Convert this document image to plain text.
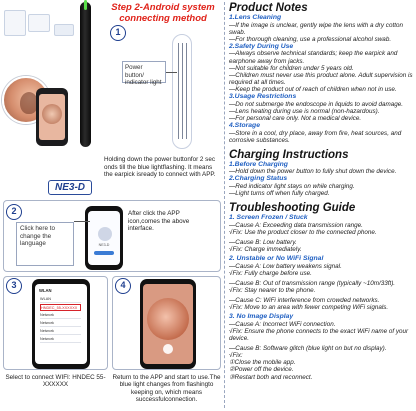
Step 2-Android system connecting method
1
Power button/ indicator light
Holding down the power buttonfor 2 sec onds till the blue lightflashing. It means the earpick isready to connect with APP.
NE3-D
2
NE3-D
Click here to change the language
After click the APP icon,comes the above interface.
3
WLAN
WLAN
HNDEC_55-XXXXXX
Network
Network
Network
Network
Select to connect WIFI: HNDEC 55-XXXXXX
4
Return to the APP and start to use.The blue light changes from flashingto keeping on, which means successfulconnection.
Product Notes
1.Lens Cleaning
—If the image is unclear, gently wipe the lens with a dry cotton swab.
—For thorough cleaning, use a professional alcohol swab.
2.Safety During Use
—Always observe technical standards; keep the earpick and earphone away from jacks.
—Not suitable for children under 5 years old.
—Children must never use this product alone. Adult supervision is required at all times.
—Keep the product out of reach of children when not in use.
3.Usage Restrictions
—Do not submerge the endoscope in liquids to avoid damage.
—Lens heating during use is normal (non-hazardous).
—For personal care only. Not a medical device.
4.Storage
—Store in a cool, dry place, away from fire, heat sources, and corrosive substances.
Charging Instructions
1.Before Charging
—Hold down the power button to fully shut down the device.
2.Charging Status
—Red indicator light stays on while charging.
—Light turns off when fully charged.
Troubleshooting Guide
1. Screen Frozen / Stuck
—Cause A: Exceeding data transmission range.
√Fix: Use the product closer to the connected phone.
—Cause B: Low battery.
√Fix: Charge immediately.
2. Unstable or No WiFi Signal
—Cause A: Low battery weakens signal.
√Fix: Fully charge before use.
—Cause B: Out of transmission range (typically ~10m/33ft).
√Fix: Stay nearer to the phone.
—Cause C: WiFi interference from crowded networks.
√Fix: Move to an area with fewer competing WiFi signals.
3. No Image Display
—Cause A: Incorrect WiFi connection.
√Fix: Ensure the phone connects to the exact WiFi name of your device.
—Cause B: Software glitch (blue light on but no display).
√Fix:
①Close the mobile app.
②Power off the device.
③Restart both and reconnect.
